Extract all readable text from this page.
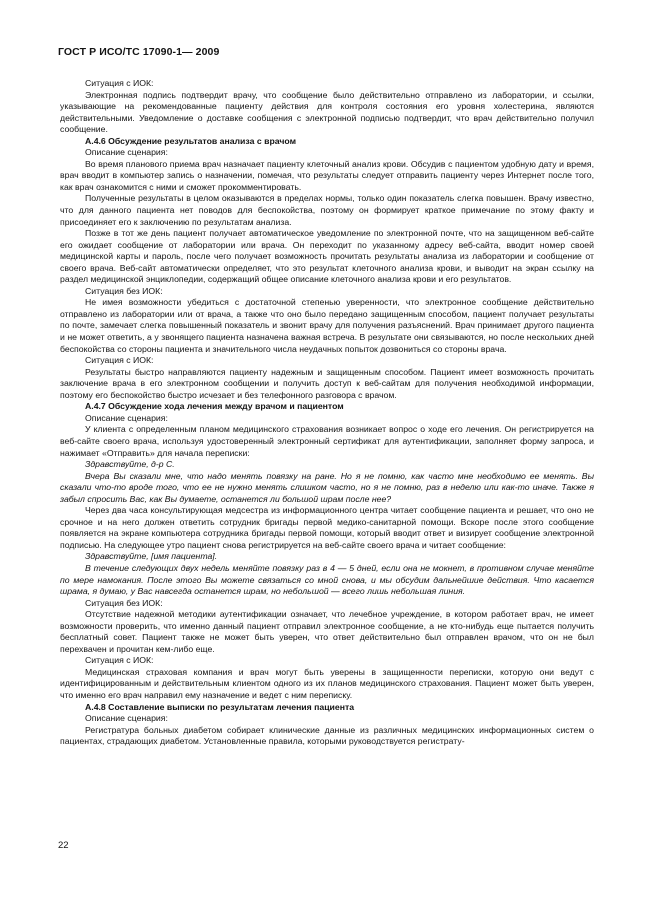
ГОСТ Р ИСО/ТС 17090-1— 2009

Ситуация с ИОК:

Электронная подпись подтвердит врачу, что сообщение было действительно отправлено из лаборатории, и ссылки, указывающие на рекомендованные пациенту действия для контроля состояния его уровня холестерина, являются действительными. Уведомление о доставке сообщения с электронной подписью подтвердит, что врач действительно получил сообщение.

А.4.6 Обсуждение результатов анализа с врачом

Описание сценария:

Во время планового приема врач назначает пациенту клеточный анализ крови. Обсудив с пациентом удобную дату и время, врач вводит в компьютер запись о назначении, помечая, что результаты следует отправить пациенту через Интернет после того, как врач ознакомится с ними и сможет прокомментировать.

Полученные результаты в целом оказываются в пределах нормы, только один показатель слегка повышен. Врачу известно, что для данного пациента нет поводов для беспокойства, поэтому он формирует краткое примечание по этому факту и присоединяет его к заключению по результатам анализа.

Позже в тот же день пациент получает автоматическое уведомление по электронной почте, что на защищенном веб-сайте его ожидает сообщение от лаборатории или врача. Он переходит по указанному адресу веб-сайта, вводит номер своей медицинской карты и пароль, после чего получает возможность прочитать результаты анализа из лаборатории и сообщение от своего врача. Веб-сайт автоматически определяет, что это результат клеточного анализа крови, и выводит на экран ссылку на раздел медицинской энциклопедии, содержащий общее описание клеточного анализа крови и его результатов.

Ситуация без ИОК:

Не имея возможности убедиться с достаточной степенью уверенности, что электронное сообщение действительно отправлено из лаборатории или от врача, а также что оно было передано защищенным способом, пациент получает результаты по почте, замечает слегка повышенный показатель и звонит врачу для получения разъяснений. Врач принимает другого пациента и не может ответить, а у звонящего пациента назначена важная встреча. В результате они связываются, но после нескольких дней беспокойства со стороны пациента и значительного числа неудачных попыток дозвониться со стороны врача.

Ситуация с ИОК:

Результаты быстро направляются пациенту надежным и защищенным способом. Пациент имеет возможность прочитать заключение врача в его электронном сообщении и получить доступ к веб-сайтам для получения необходимой информации, поэтому его беспокойство быстро исчезает и без телефонного разговора с врачом.

А.4.7 Обсуждение хода лечения между врачом и пациентом

Описание сценария:

У клиента с определенным планом медицинского страхования возникает вопрос о ходе его лечения. Он регистрируется на веб-сайте своего врача, используя удостоверенный электронный сертификат для аутентификации, заполняет форму запроса, и нажимает «Отправить» для начала переписки:

Здравствуйте, д-р С.

Вчера Вы сказали мне, что надо менять повязку на ране. Но я не помню, как часто мне необходимо ее менять. Вы сказали что-то вроде того, что ее не нужно менять слишком часто, но я не помню, раз в неделю или как-то иначе. Также я забыл спросить Вас, как Вы думаете, останется ли большой шрам после нее?

Через два часа консультирующая медсестра из информационного центра читает сообщение пациента и решает, что оно не срочное и на него должен ответить сотрудник бригады первой медико-санитарной помощи. Вскоре после этого сообщение появляется на экране компьютера сотрудника бригады первой помощи, который вводит ответ и визирует сообщение электронной подписью. На следующее утро пациент снова регистрируется на веб-сайте своего врача и читает сообщение:

Здравствуйте, [имя пациента].

В течение следующих двух недель меняйте повязку раз в 4 — 5 дней, если она не мокнет, в противном случае меняйте по мере намокания. После этого Вы можете связаться со мной снова, и мы обсудим дальнейшие действия. Что касается шрама, я думаю, у Вас навсегда останется шрам, но небольшой — всего лишь небольшая линия.

Ситуация без ИОК:

Отсутствие надежной методики аутентификации означает, что лечебное учреждение, в котором работает врач, не имеет возможности проверить, что именно данный пациент отправил электронное сообщение, а не кто-нибудь еще пытается получить бесплатный совет. Пациент также не может быть уверен, что ответ действительно был отправлен врачом, что он не был перехвачен и прочитан кем-либо еще.

Ситуация с ИОК:

Медицинская страховая компания и врач могут быть уверены в защищенности переписки, которую они ведут с идентифицированным и действительным клиентом одного из их планов медицинского страхования. Пациент может быть уверен, что именно его врач направил ему назначение и ведет с ним переписку.

А.4.8 Составление выписки по результатам лечения пациента

Описание сценария:

Регистратура больных диабетом собирает клинические данные из различных медицинских информационных систем о пациентах, страдающих диабетом. Установленные правила, которыми руководствуется регистрату-

22
